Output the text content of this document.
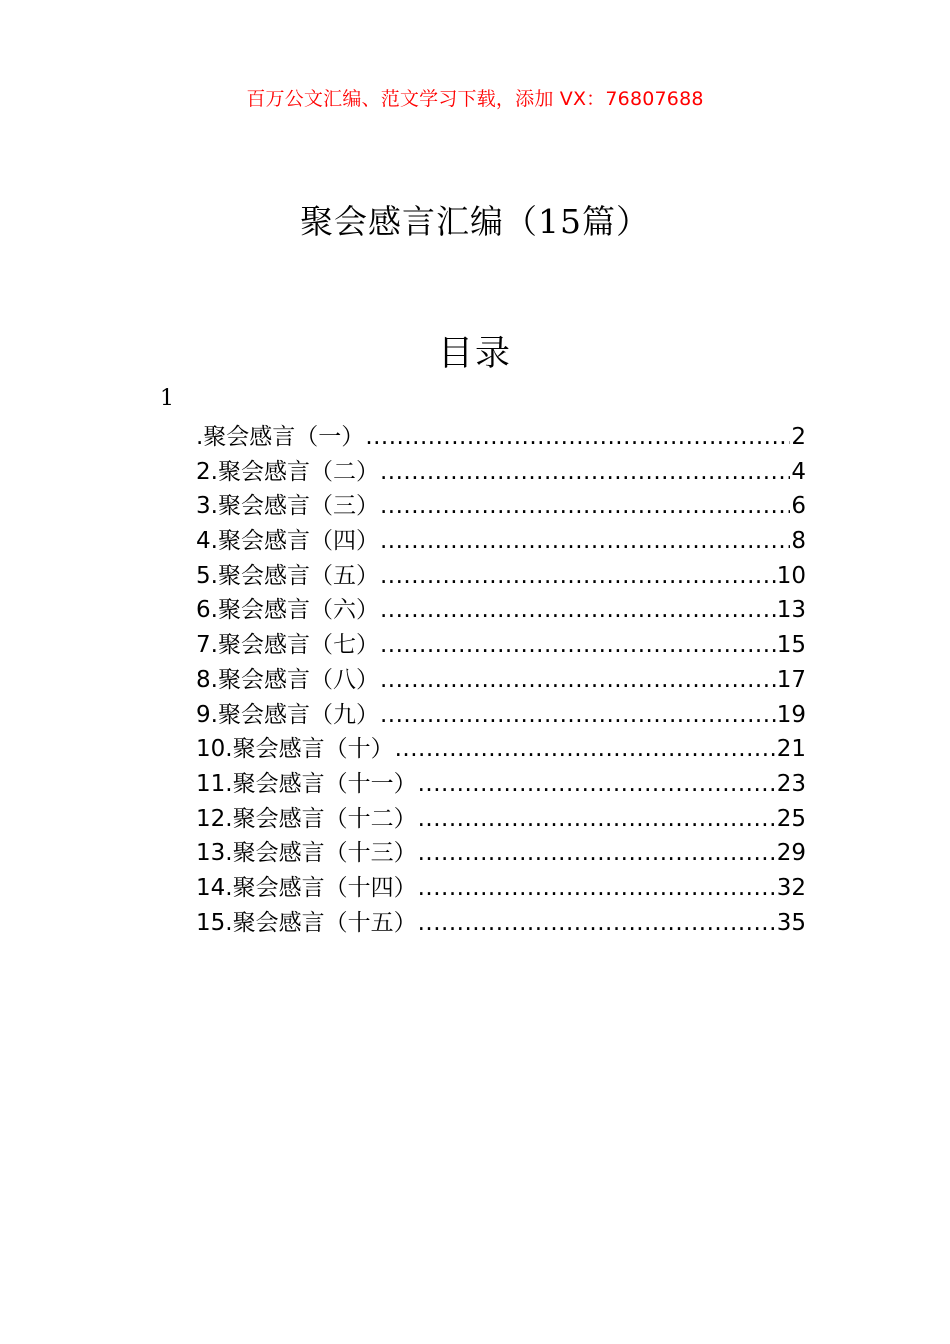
百万公文汇编、范文学习下载，添加 VX：76807688
聚会感言汇编（15篇）
目录
1
.聚会感言（一） .....	2
2.聚会感言（二） .....	4
3.聚会感言（三） .....	6
4.聚会感言（四） .....	8
5.聚会感言（五） .....	10
6.聚会感言（六） .....	13
7.聚会感言（七） .....	15
8.聚会感言（八） .....	17
9.聚会感言（九） .....	19
10.聚会感言（十） .....	21
11.聚会感言（十一） .....	23
12.聚会感言（十二） .....	25
13.聚会感言（十三） .....	29
14.聚会感言（十四） .....	32
15.聚会感言（十五） .....	35
